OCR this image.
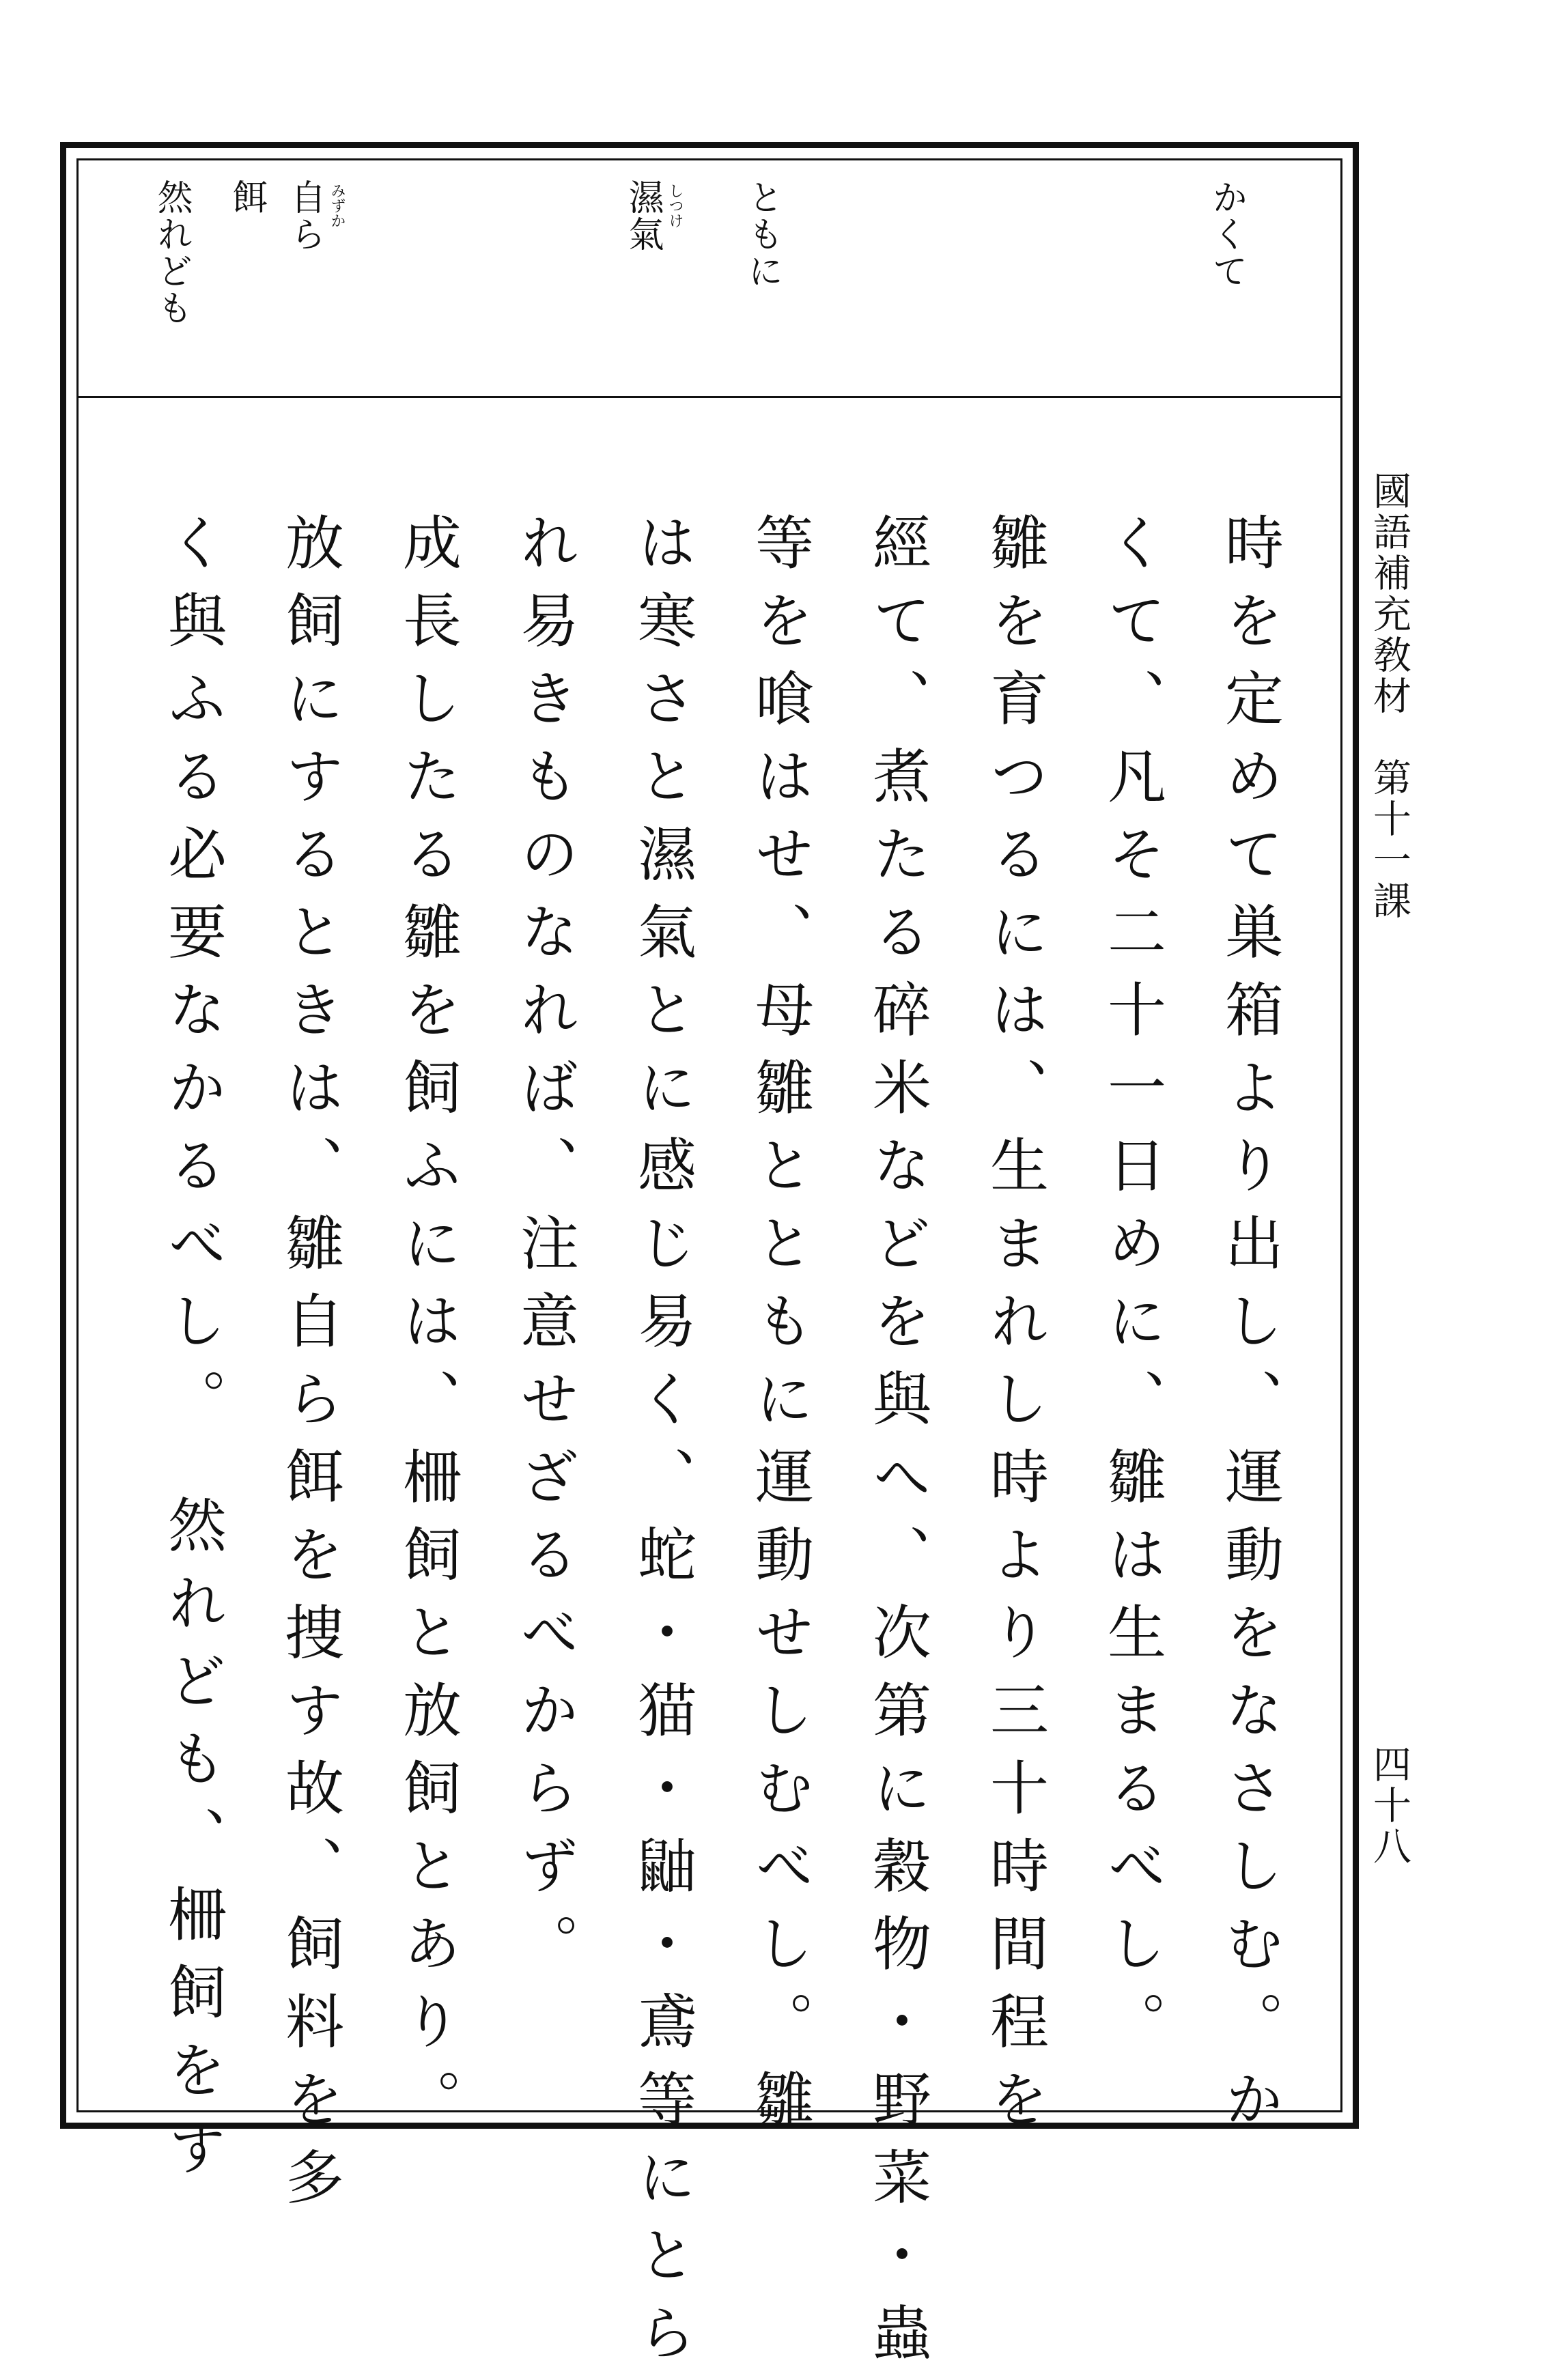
かくて
ともに
濕氣 しつけ
自ら みずか
餌
然れども
時を定めて巣箱より出し、運動をなさしむ。か
くて、凡そ二十一日めに、雛は生まるべし。
雛を育つるには、生まれし時より三十時間程を
經て、煮たる碎米などを與へ、次第に穀物・野菜・蟲
等を喰はせ、母雛とともに運動せしむべし。雛
は寒さと濕氣とに感じ易く、蛇・猫・鼬・鳶等にとら
れ易きものなれば、注意せざるべからず。
成長したる雛を飼ふには、柵飼と放飼とあり。
放飼にするときは、雛自ら餌を捜す故、飼料を多
く與ふる必要なかるべし。　然れども、柵飼をす	國語補充敎材　第十一課
四十八
